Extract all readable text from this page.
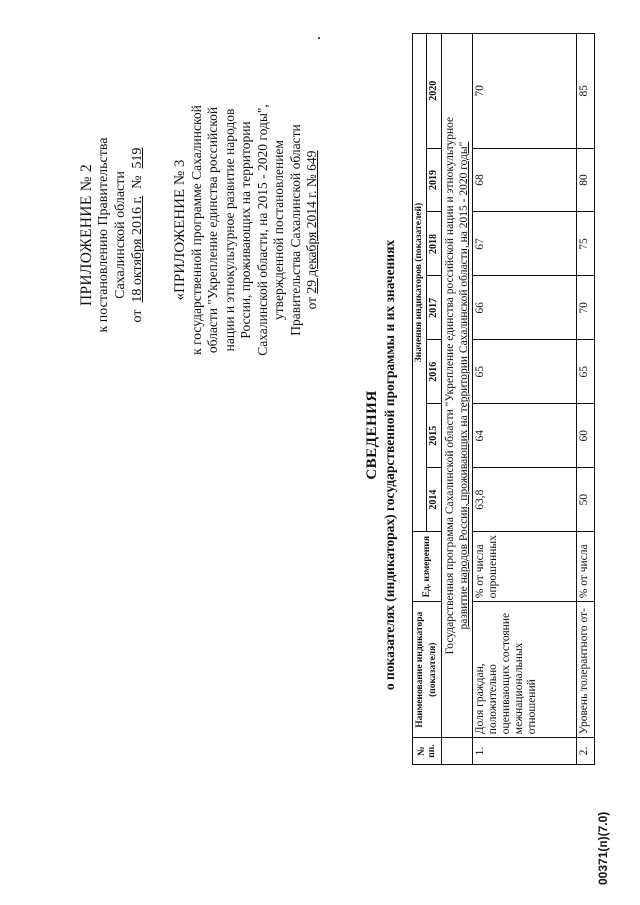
ПРИЛОЖЕНИЕ № 2 к постановлению Правительства Сахалинской области
от  18 октября 2016 г.  №  519
«ПРИЛОЖЕНИЕ № 3 к государственной программе Сахалинской области "Укрепление единства российской нации и этнокультурное развитие народов России, проживающих на территории Сахалинской области, на 2015 - 2020 годы", утвержденной постановлением Правительства Сахалинской области от 29 декабря 2014 г. № 649
СВЕДЕНИЯ о показателях (индикаторах) государственной программы и их значениях
№ пп.	Наименование индикатора (показателя)	Ед. измерения	Значения индикаторов (показателей)						
			2014	2015	2016	2017	2018	2019	2020

	Государственная программа Сахалинской области "Укрепление единства российской нации и этнокультурное развитие народов России, проживающих на территории Сахалинской области, на 2015 - 2020 годы"								

1.	Доля граждан, положительно оценивающих состояние межнациональных отношений	% от числа опрошенных	63,8	64	65	66	67	68	70
2.	Уровень толерантного от-	% от числа	50	60	65	70	75	80	85
00371(п)(7.0)
